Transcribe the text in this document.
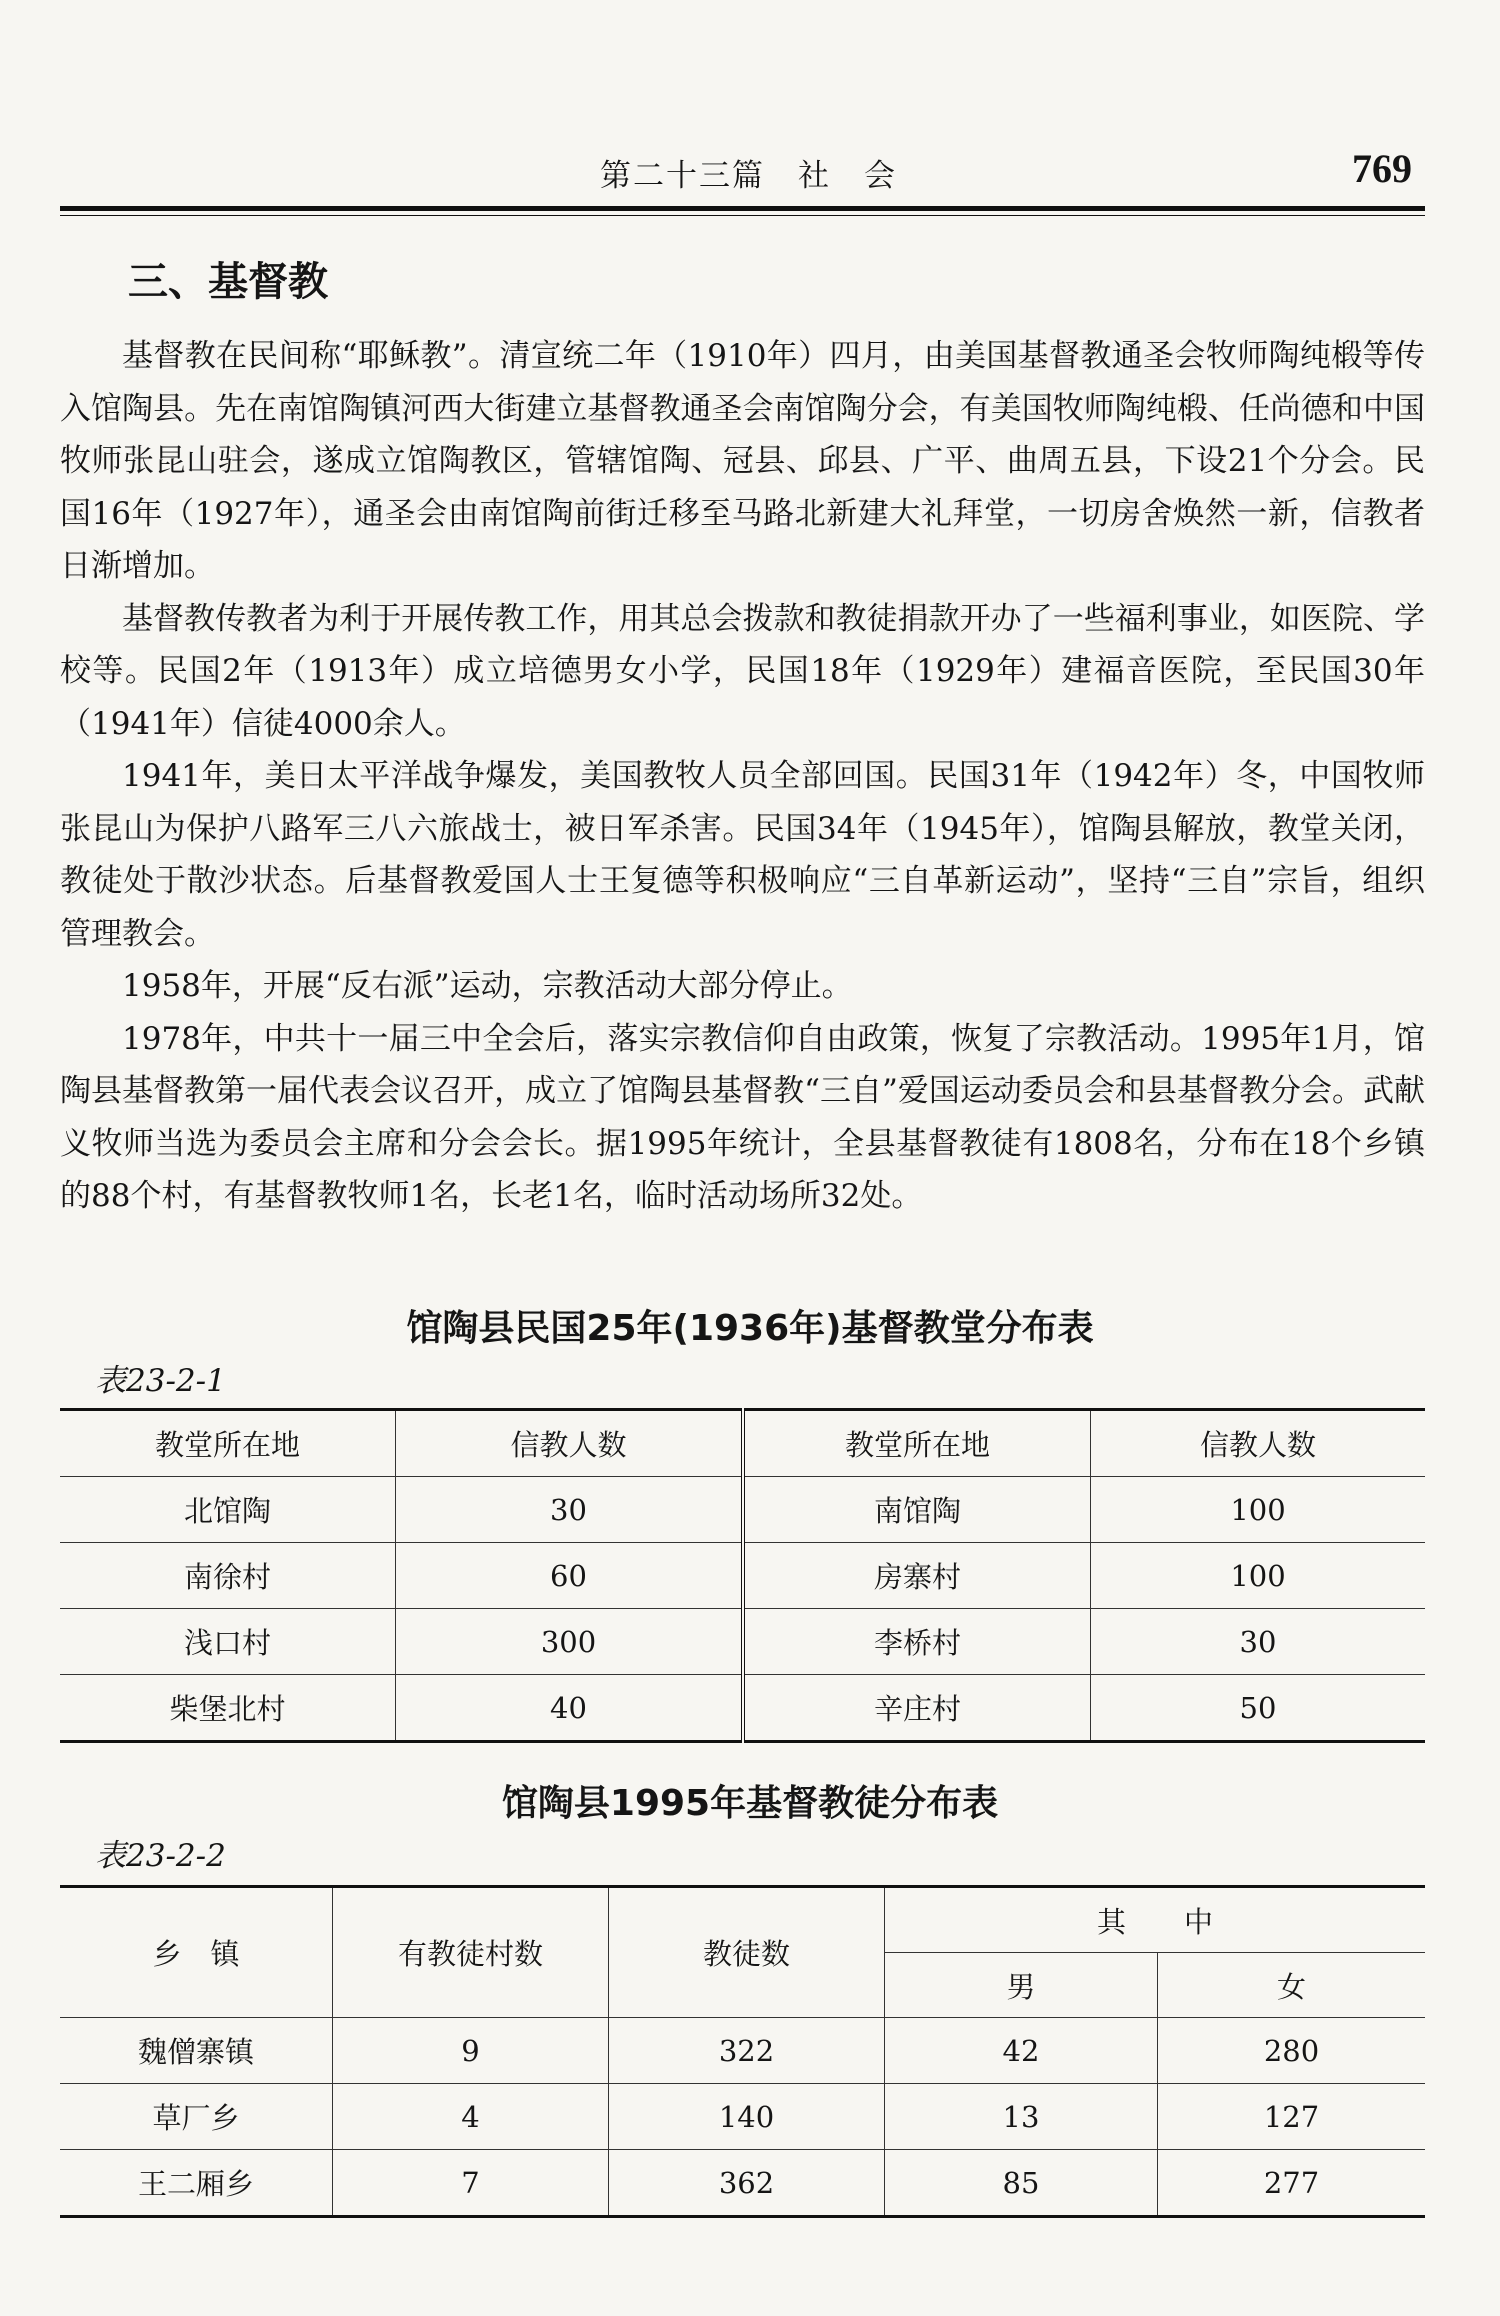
第二十三篇　社　会	769
三、基督教

基督教在民间称“耶稣教”。清宣统二年（1910年）四月，由美国基督教通圣会牧师陶纯椴等传入馆陶县。先在南馆陶镇河西大街建立基督教通圣会南馆陶分会，有美国牧师陶纯椴、任尚德和中国牧师张昆山驻会，遂成立馆陶教区，管辖馆陶、冠县、邱县、广平、曲周五县，下设21个分会。民国16年（1927年），通圣会由南馆陶前街迁移至马路北新建大礼拜堂，一切房舍焕然一新，信教者日渐增加。

基督教传教者为利于开展传教工作，用其总会拨款和教徒捐款开办了一些福利事业，如医院、学校等。民国2年（1913年）成立培德男女小学，民国18年（1929年）建福音医院，至民国30年（1941年）信徒4000余人。

1941年，美日太平洋战争爆发，美国教牧人员全部回国。民国31年（1942年）冬，中国牧师张昆山为保护八路军三八六旅战士，被日军杀害。民国34年（1945年），馆陶县解放，教堂关闭，教徒处于散沙状态。后基督教爱国人士王复德等积极响应“三自革新运动”，坚持“三自”宗旨，组织管理教会。

1958年，开展“反右派”运动，宗教活动大部分停止。

1978年，中共十一届三中全会后，落实宗教信仰自由政策，恢复了宗教活动。1995年1月，馆陶县基督教第一届代表会议召开，成立了馆陶县基督教“三自”爱国运动委员会和县基督教分会。武献义牧师当选为委员会主席和分会会长。据1995年统计，全县基督教徒有1808名，分布在18个乡镇的88个村，有基督教牧师1名，长老1名，临时活动场所32处。

馆陶县民国25年(1936年)基督教堂分布表
表23-2-1
教堂所在地	信教人数	教堂所在地	信教人数
北馆陶	30	南馆陶	100
南徐村	60	房寨村	100
浅口村	300	李桥村	30
柴堡北村	40	辛庄村	50
馆陶县1995年基督教徒分布表
表23-2-2
乡　镇	有教徒村数	教徒数	其　　中	
			男	女
魏僧寨镇	9	322	42	280
草厂乡	4	140	13	127
王二厢乡	7	362	85	277
